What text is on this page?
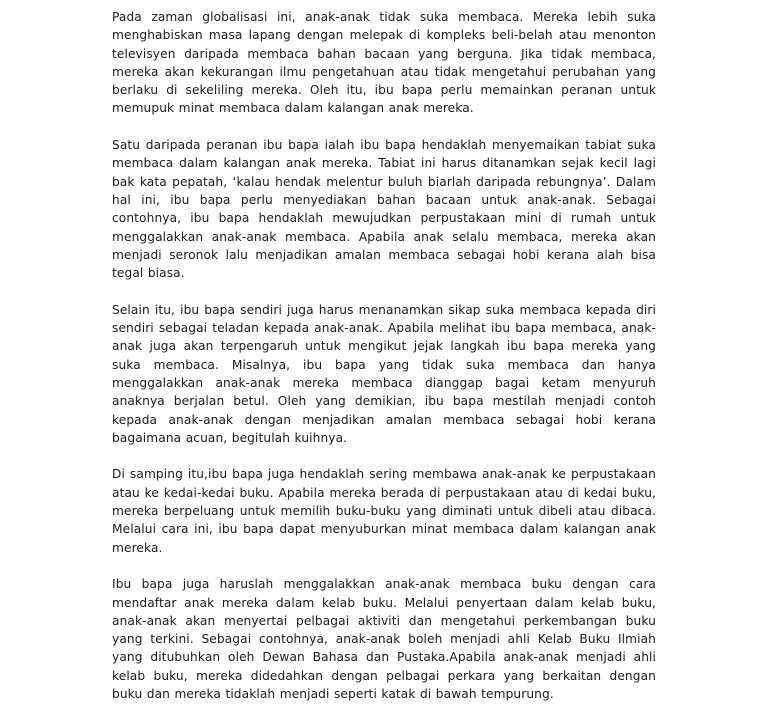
Pada zaman globalisasi ini, anak-anak tidak suka membaca. Mereka lebih suka menghabiskan masa lapang dengan melepak di kompleks beli-belah atau menonton televisyen daripada membaca bahan bacaan yang berguna. Jika tidak membaca, mereka akan kekurangan ilmu pengetahuan atau tidak mengetahui perubahan yang berlaku di sekeliling mereka. Oleh itu, ibu bapa perlu memainkan peranan untuk memupuk minat membaca dalam kalangan anak mereka.

Satu daripada peranan ibu bapa ialah ibu bapa hendaklah menyemaikan tabiat suka membaca dalam kalangan anak mereka. Tabiat ini harus ditanamkan sejak kecil lagi bak kata pepatah, ‘kalau hendak melentur buluh biarlah daripada rebungnya’. Dalam hal ini, ibu bapa perlu menyediakan bahan bacaan untuk anak-anak. Sebagai contohnya, ibu bapa hendaklah mewujudkan perpustakaan mini di rumah untuk menggalakkan anak-anak membaca. Apabila anak selalu membaca, mereka akan menjadi seronok lalu menjadikan amalan membaca sebagai hobi kerana alah bisa tegal biasa.

Selain itu, ibu bapa sendiri juga harus menanamkan sikap suka membaca kepada diri sendiri sebagai teladan kepada anak-anak. Apabila melihat ibu bapa membaca, anak-anak juga akan terpengaruh untuk mengikut jejak langkah ibu bapa mereka yang suka membaca. Misalnya, ibu bapa yang tidak suka membaca dan hanya menggalakkan anak-anak mereka membaca dianggap bagai ketam menyuruh anaknya berjalan betul. Oleh yang demikian, ibu bapa mestilah menjadi contoh kepada anak-anak dengan menjadikan amalan membaca sebagai hobi kerana bagaimana acuan, begitulah kuihnya.

Di samping itu,ibu bapa juga hendaklah sering membawa anak-anak ke perpustakaan atau ke kedai-kedai buku. Apabila mereka berada di perpustakaan atau di kedai buku, mereka berpeluang untuk memilih buku-buku yang diminati untuk dibeli atau dibaca. Melalui cara ini, ibu bapa dapat menyuburkan minat membaca dalam kalangan anak mereka.

Ibu bapa juga haruslah menggalakkan anak-anak membaca buku dengan cara mendaftar anak mereka dalam kelab buku. Melalui penyertaan dalam kelab buku, anak-anak akan menyertai pelbagai aktiviti dan mengetahui perkembangan buku yang terkini. Sebagai contohnya, anak-anak boleh menjadi ahli Kelab Buku Ilmiah yang ditubuhkan oleh Dewan Bahasa dan Pustaka.Apabila anak-anak menjadi ahli kelab buku, mereka didedahkan dengan pelbagai perkara yang berkaitan dengan buku dan mereka tidaklah menjadi seperti katak di bawah tempurung.
